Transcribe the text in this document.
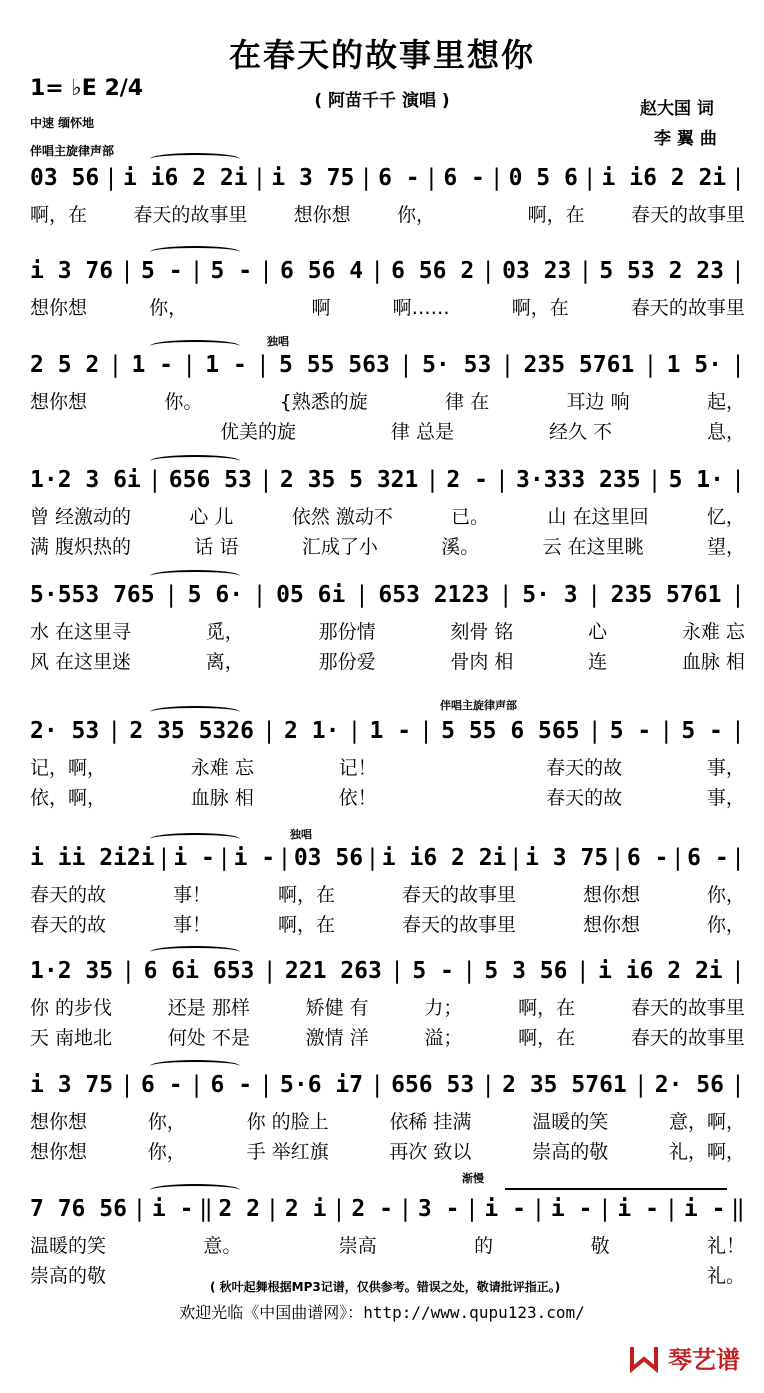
在春天的故事里想你
( 阿苗千千 演唱 )
1= ♭E 2/4
中速 缅怀地
伴唱主旋律声部
赵大国 词
李 翼 曲
独唱
伴唱主旋律声部
独唱
渐慢
03 56 | i i6 2 2i | i 3 75 | 6 - | 6 - | 0 5 6 | i i6 2 2i |
啊，在 春天的故事里 想你想 你，	啊，在 春天的故事里
i 3 76 | 5 - | 5 - | 6 56 4 | 6 56 2 | 03 23 | 5 53 2 23 |
想你想	你，	啊	啊……	啊，在	春天的故事里
2 5 2 | 1 - | 1 - | 5 55 563 | 5· 53 | 235 5761 | 1 5· |
想你想	你。	{熟悉的旋	律 在	耳边 响	起，
优美的旋	律 总是	经久 不	息，
1·2 3 6i | 656 53 | 2 35 5 321 | 2 - | 3·333 235 | 5 1· |
曾 经激动的	心 儿	依然 激动不	已。	山 在这里回	忆，
满 腹炽热的	话 语	汇成了小	溪。	云 在这里眺	望，
5·553 765 | 5 6· | 05 6i | 653 2123 | 5· 3 | 235 5761 |
水 在这里寻	觅，	那份情	刻骨 铭	心	永难 忘
风 在这里迷	离，	那份爱	骨肉 相	连	血脉 相
2· 53 | 2 35 5326 | 2 1· | 1 - | 5 55 6 565 | 5 - | 5 - |
记，啊，	永难 忘	记！	春天的故	事，
依，啊，	血脉 相	依！	春天的故	事，
i ii 2i2i | i - | i - | 03 56 | i i6 2 2i | i 3 75 | 6 - | 6 - |
春天的故	事！	啊，在	春天的故事里	想你想	你，
春天的故	事！	啊，在	春天的故事里	想你想	你，
1·2 35 | 6 6i 653 | 221 263 | 5 - | 5 3 56 | i i6 2 2i |
你 的步伐	还是 那样	矫健 有	力；	啊，在	春天的故事里
天 南地北	何处 不是	激情 洋	溢；	啊，在	春天的故事里
i 3 75 | 6 - | 6 - | 5·6 i7 | 656 53 | 2 35 5761 | 2· 56 |
想你想	你，	你 的脸上	依稀 挂满	温暖的笑	意，啊，
想你想	你，	手 举红旗	再次 致以	崇高的敬	礼，啊，
7 76 56 | i - ‖ 2 2 | 2 i | 2 - | 3 - | i - | i - | i - | i - ‖
温暖的笑	意。	崇高	的	敬	礼！
崇高的敬	礼。
( 秋叶起舞根据MP3记谱，仅供参考。错误之处，敬请批评指正。)
欢迎光临《中国曲谱网》：http://www.qupu123.com/
琴艺谱
